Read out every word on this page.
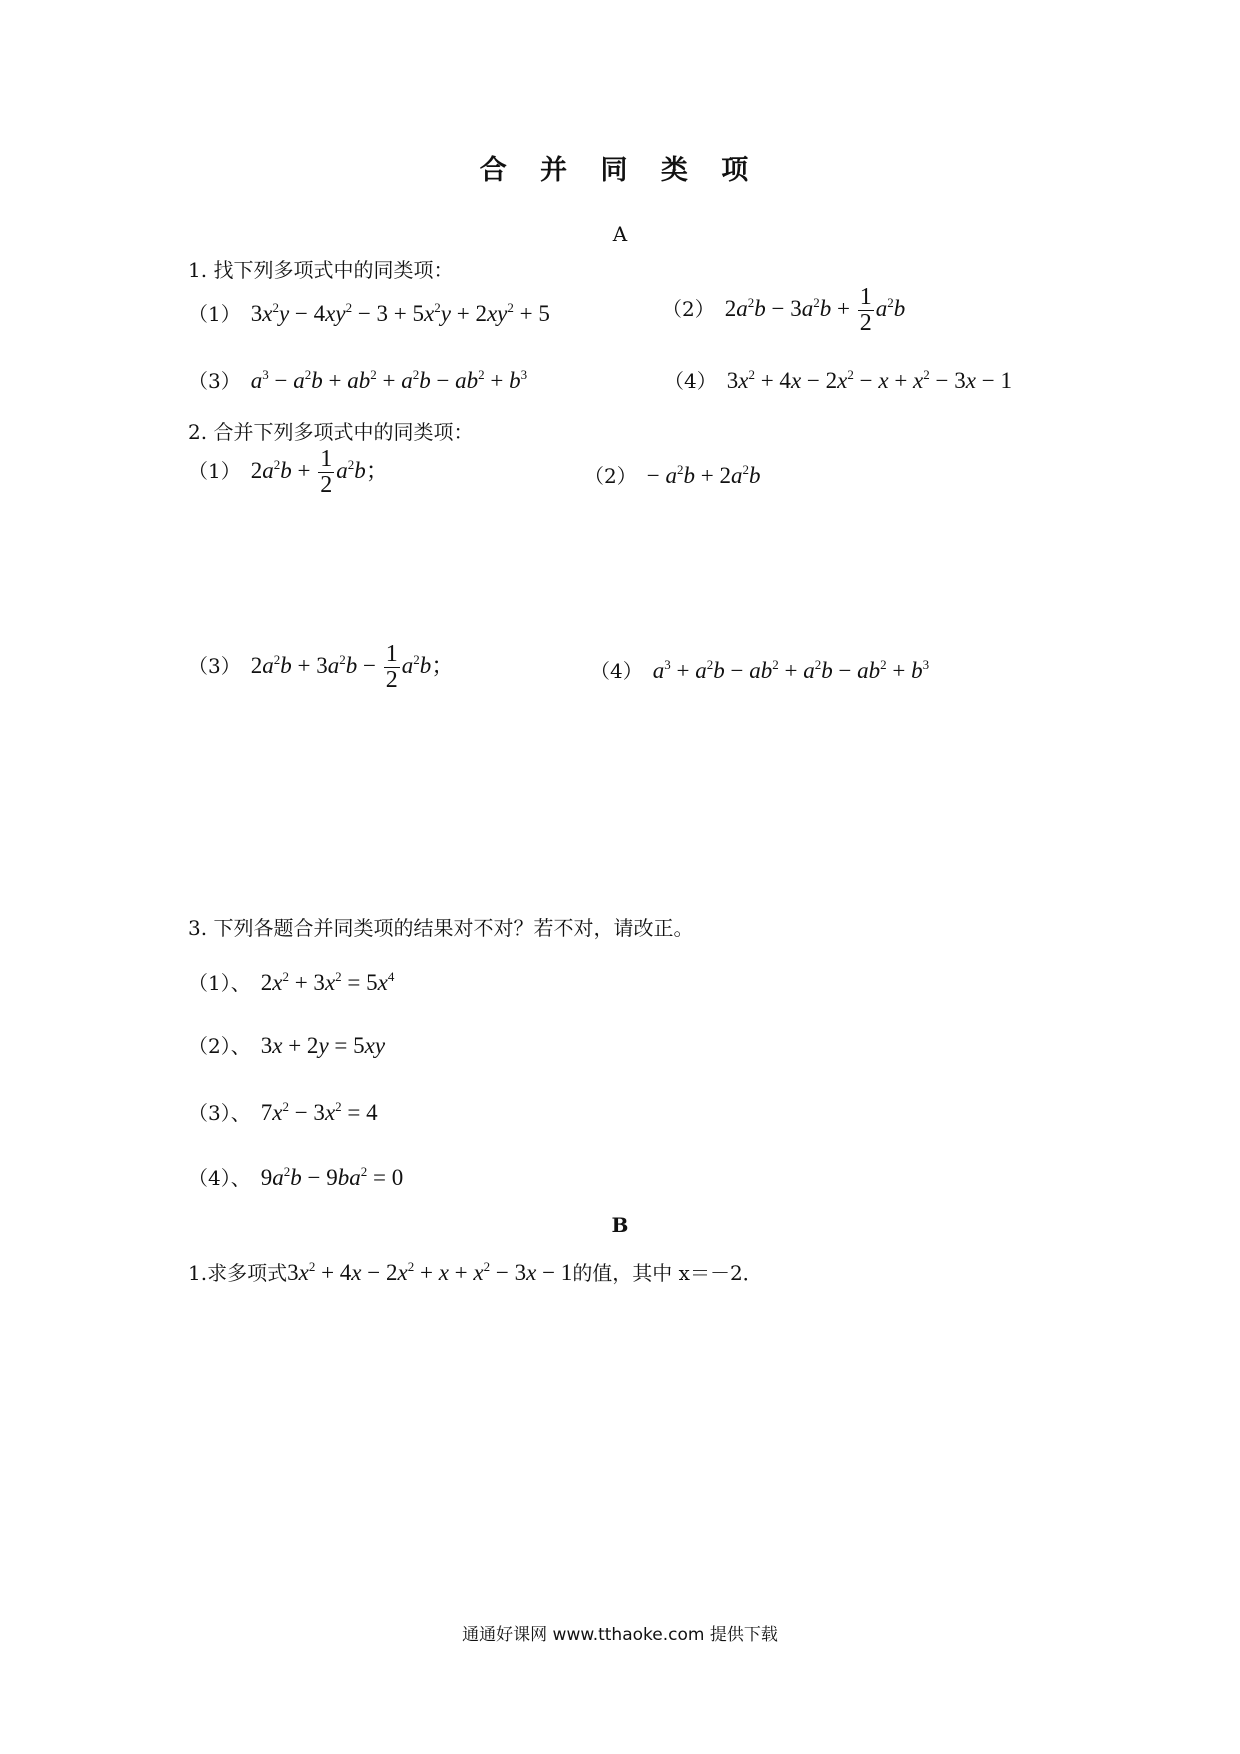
合 并 同 类 项
A
1. 找下列多项式中的同类项：
（1） $3x^2y - 4xy^2 - 3 + 5x^2y + 2xy^2 + 5$	（2） $2a^2b - 3a^2b + \frac{1}{2} a^2b$
（3） $a^3 - a^2b + ab^2 + a^2b - ab^2 + b^3$	（4） $3x^2 + 4x - 2x^2 - x + x^2 - 3x - 1$
2. 合并下列多项式中的同类项：
（1） $2a^2b + \frac{1}{2} a^2b$；	$(2) - a^2b + 2a^2b$
（3） $2a^2b + 3a^2b - \frac{1}{2} a^2b$；	（4） $a^3 + a^2b - ab^2 + a^2b - ab^2 + b^3$
3. 下列各题合并同类项的结果对不对？若不对，请改正。
（1）、 $2x^2 + 3x^2 = 5x^4$
（2）、 3x + 2y = 5xy
（3）、 $7x^2 - 3x^2 = 4$
（4）、 $9a^2b - 9ba^2 = 0$
B
1.求多项式$3x^2 + 4x - 2x^2 + x + x^2 - 3x - 1$的值，其中 x＝－2．
通通好课网 www.tthaoke.com 提供下载
